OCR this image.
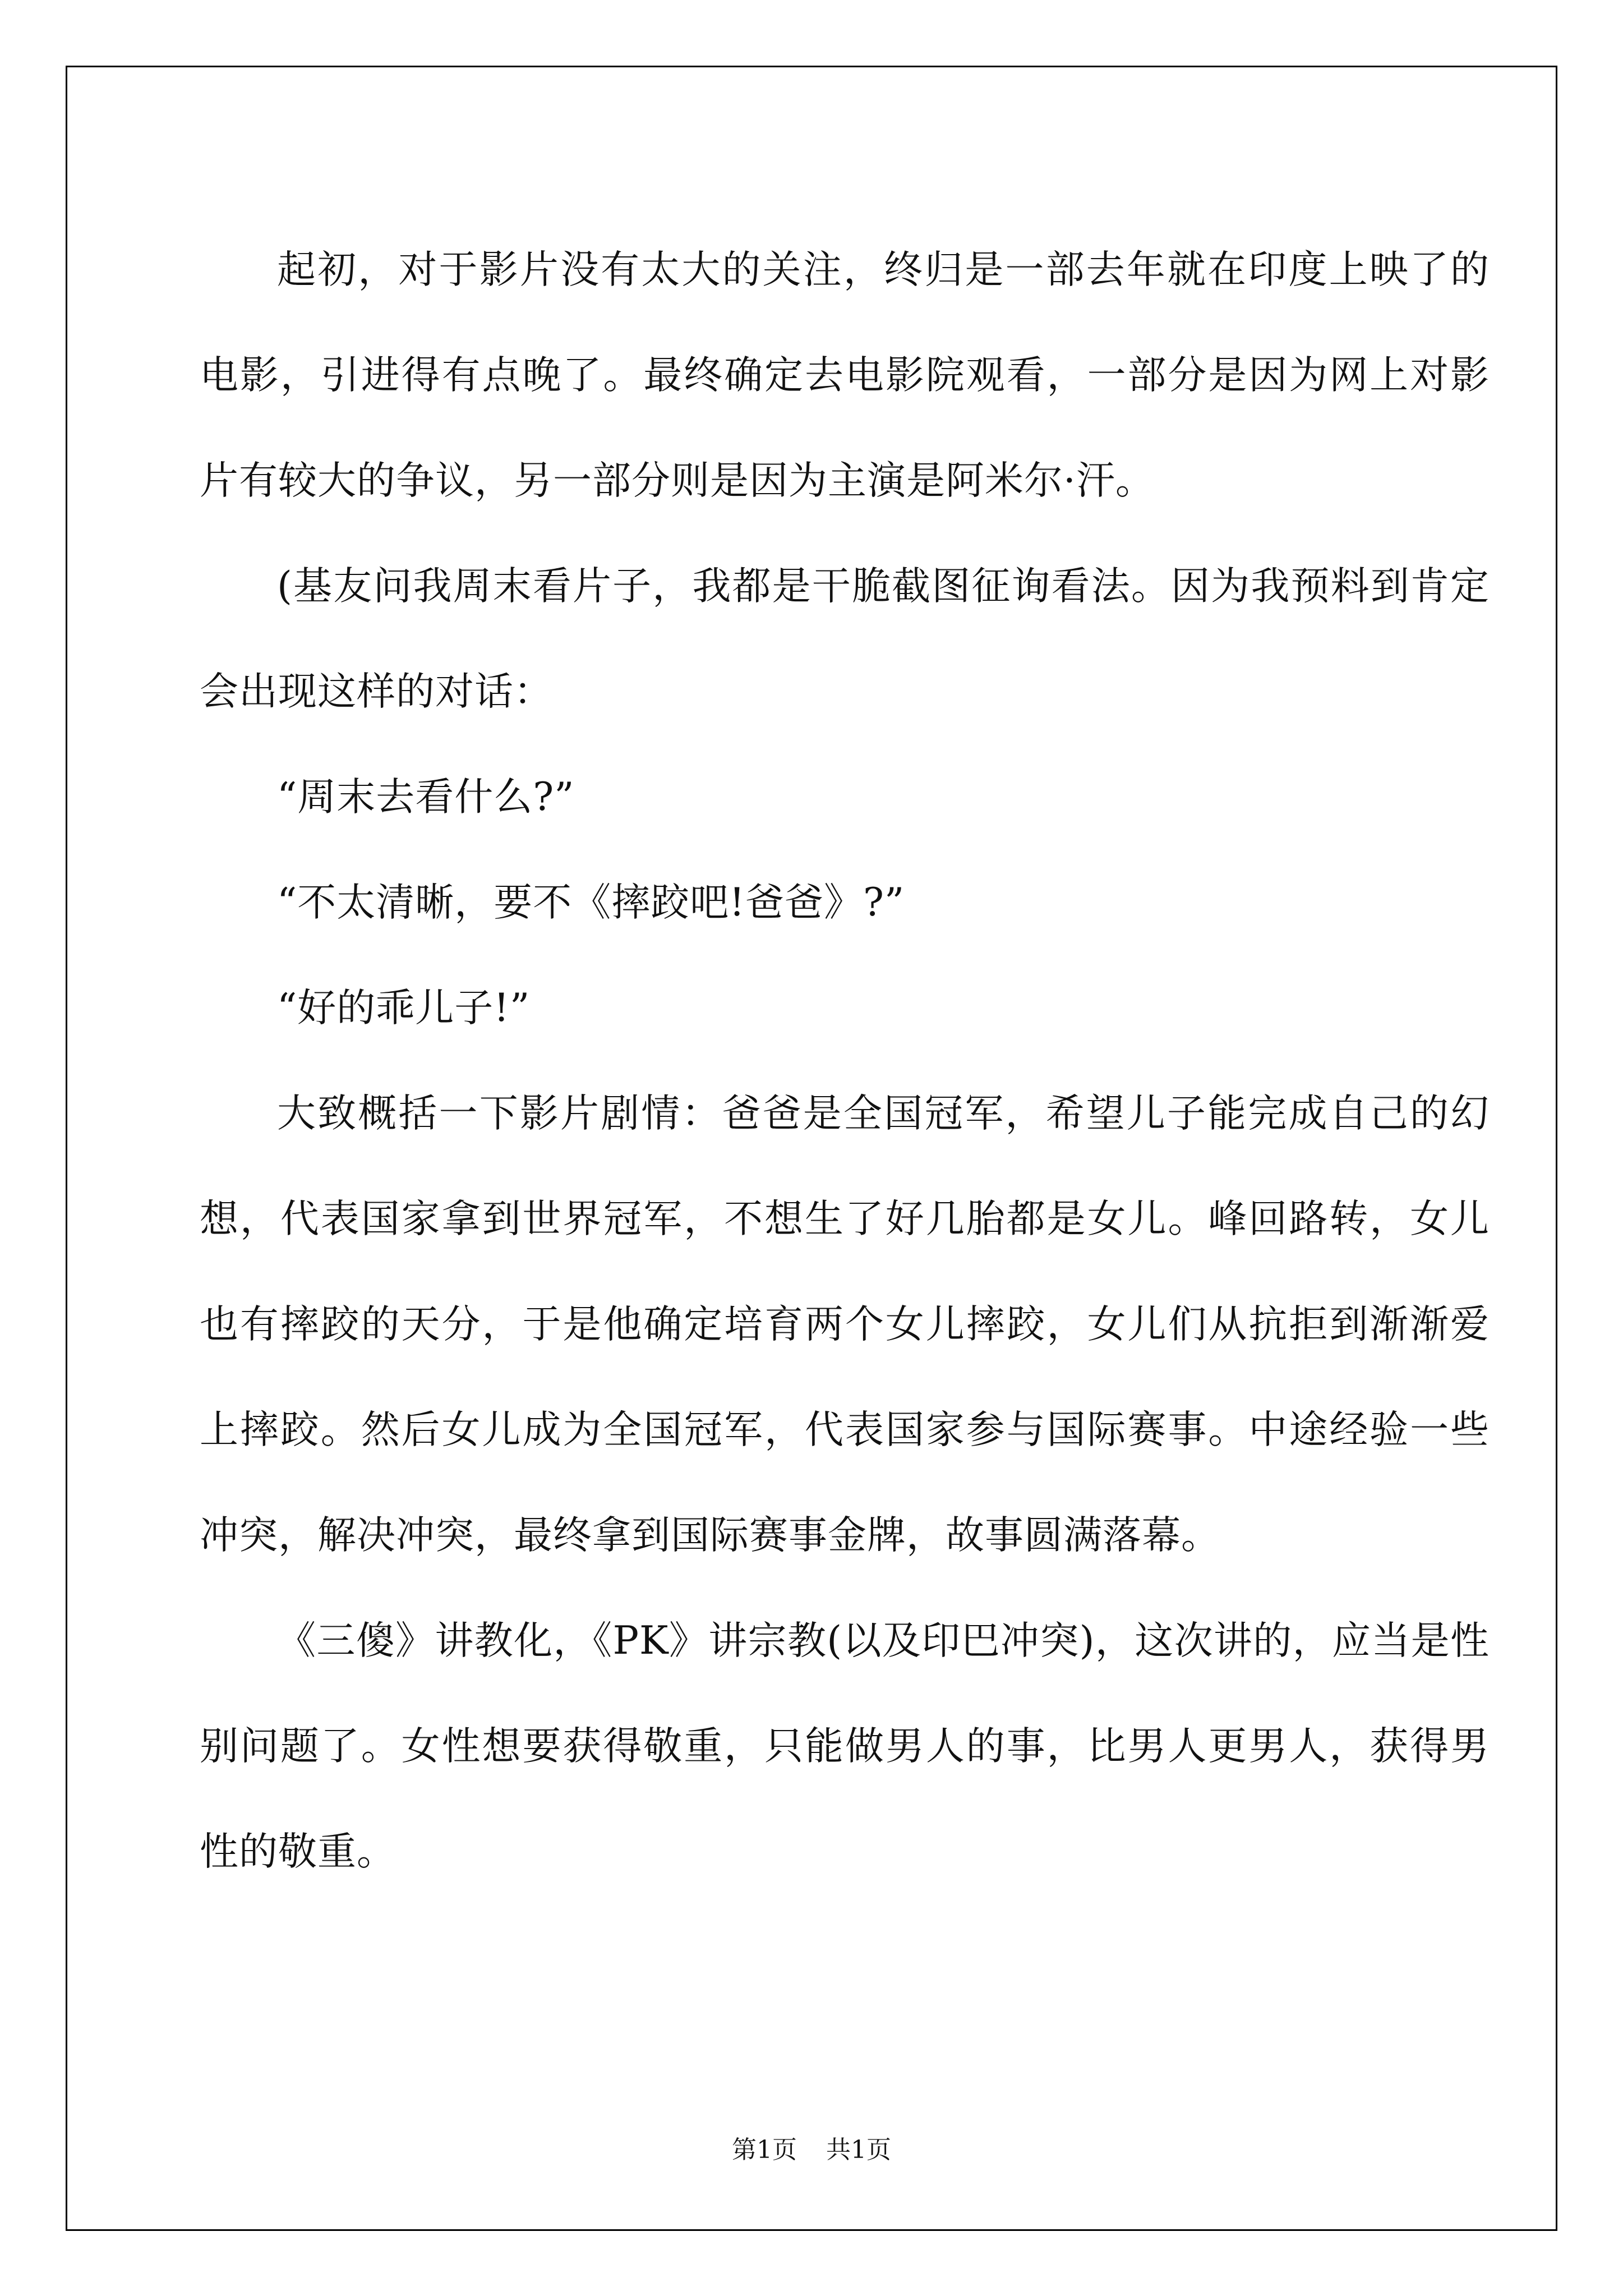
起初，对于影片没有太大的关注，终归是一部去年就在印度上映了的电影，引进得有点晚了。最终确定去电影院观看，一部分是因为网上对影片有较大的争议，另一部分则是因为主演是阿米尔·汗。

(基友问我周末看片子，我都是干脆截图征询看法。因为我预料到肯定会出现这样的对话：

“周末去看什么?”

“不太清晰，要不《摔跤吧!爸爸》?”

“好的乖儿子!”

大致概括一下影片剧情：爸爸是全国冠军，希望儿子能完成自己的幻想，代表国家拿到世界冠军，不想生了好几胎都是女儿。峰回路转，女儿也有摔跤的天分，于是他确定培育两个女儿摔跤，女儿们从抗拒到渐渐爱上摔跤。然后女儿成为全国冠军，代表国家参与国际赛事。中途经验一些冲突，解决冲突，最终拿到国际赛事金牌，故事圆满落幕。

《三傻》讲教化，《PK》讲宗教(以及印巴冲突)，这次讲的，应当是性别问题了。女性想要获得敬重，只能做男人的事，比男人更男人，获得男性的敬重。

第1页 共1页
